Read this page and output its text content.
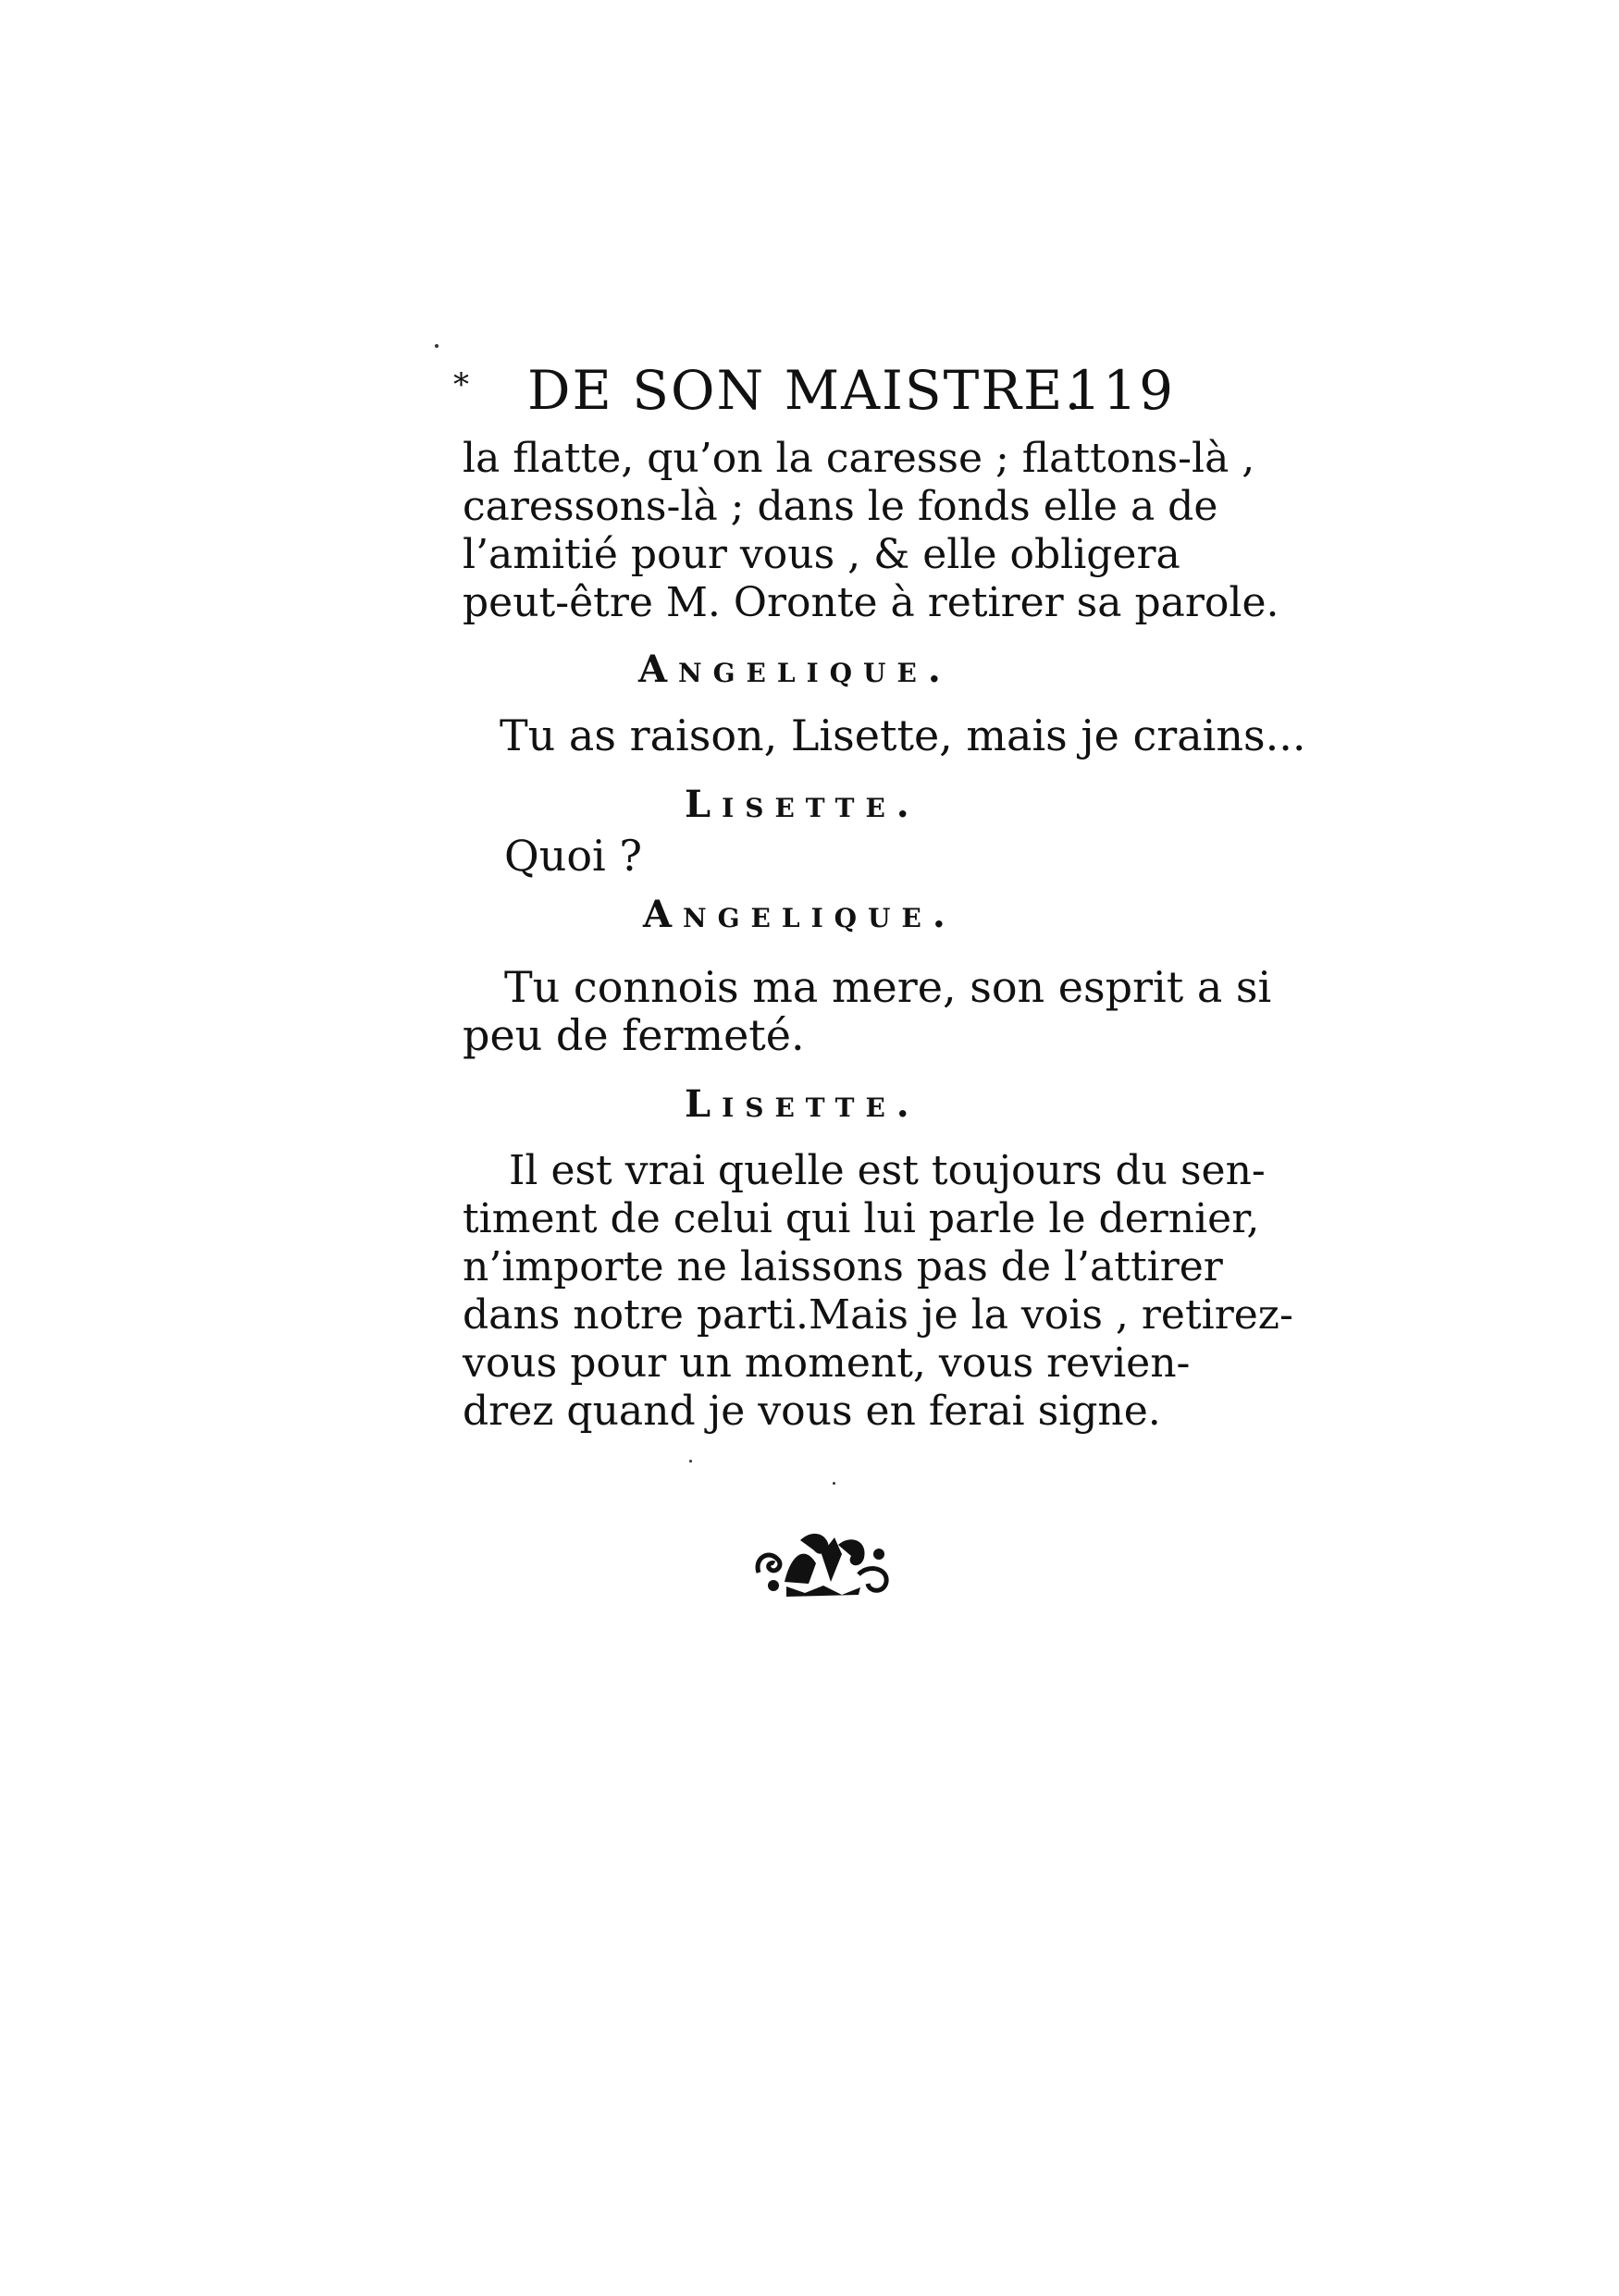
* DE SON MAISTRE.
119
la flatte, qu’on la caresse ; flattons-là ,
caressons-là ; dans le fonds elle a de
l’amitié pour vous , & elle obligera
peut-être M. Oronte à retirer sa parole.
Angelique.
Tu as raison, Lisette, mais je crains...
Lisette.
Quoi ?
Angelique.
Tu connois ma mere, son esprit a si
peu de fermeté.
Lisette.
Il est vrai quelle est toujours du sen-
timent de celui qui lui parle le dernier,
n’importe ne laissons pas de l’attirer
dans notre parti.Mais je la vois , retirez-
vous pour un moment, vous revien-
drez quand je vous en ferai signe.
